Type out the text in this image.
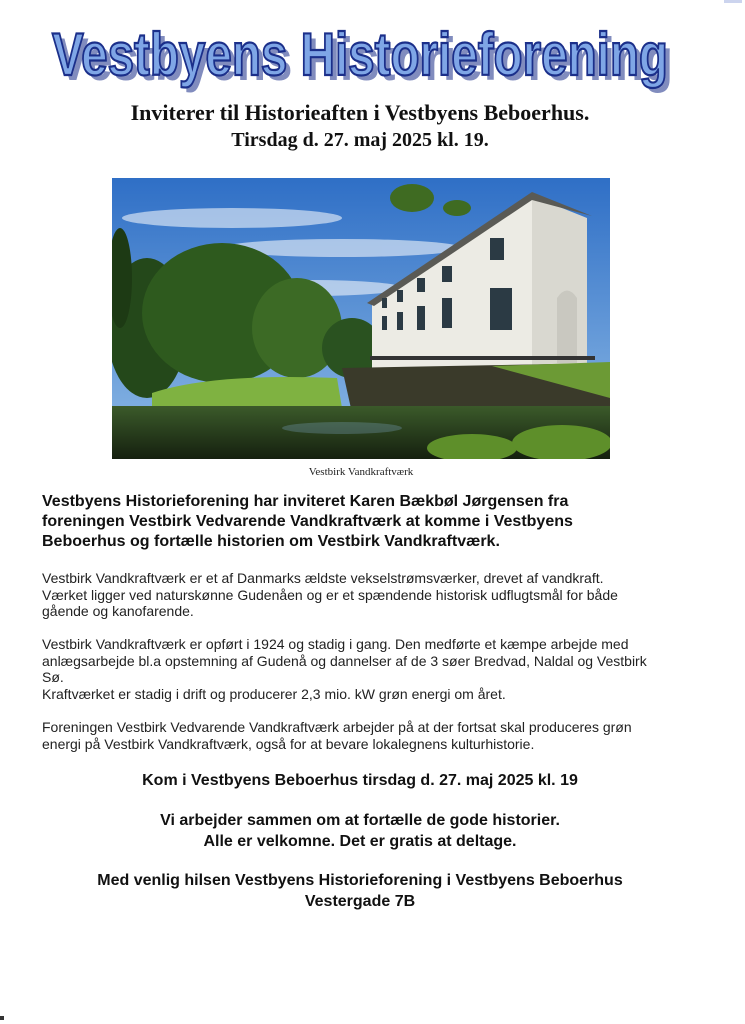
Vestbyens Historieforening
Vestbyens Historieforening
Inviterer til Historieaften i Vestbyens Beboerhus.
Tirsdag d. 27. maj 2025 kl. 19.
Vestbirk Vandkraftværk
Vestbyens Historieforening har inviteret Karen Bækbøl Jørgensen fra
foreningen Vestbirk Vedvarende Vandkraftværk at komme i Vestbyens
Beboerhus og fortælle historien om Vestbirk Vandkraftværk.
Vestbirk Vandkraftværk er et af Danmarks ældste vekselstrømsværker, drevet af vandkraft.
Værket ligger ved naturskønne Gudenåen og er et spændende historisk udflugtsmål for både
gående og kanofarende.
Vestbirk Vandkraftværk er opført i 1924 og stadig i gang. Den medførte et kæmpe arbejde med
anlægsarbejde bl.a opstemning af Gudenå og dannelser af de 3 søer Bredvad, Naldal og Vestbirk
Sø.
Kraftværket er stadig i drift og producerer 2,3 mio. kW grøn energi om året.
Foreningen Vestbirk Vedvarende Vandkraftværk arbejder på at der fortsat skal produceres grøn
energi på Vestbirk Vandkraftværk, også for at bevare lokalegnens kulturhistorie.
Kom i Vestbyens Beboerhus tirsdag d. 27. maj 2025 kl. 19
Vi arbejder sammen om at fortælle de gode historier.
Alle er velkomne. Det er gratis at deltage.
Med venlig hilsen Vestbyens Historieforening i Vestbyens Beboerhus
Vestergade 7B
